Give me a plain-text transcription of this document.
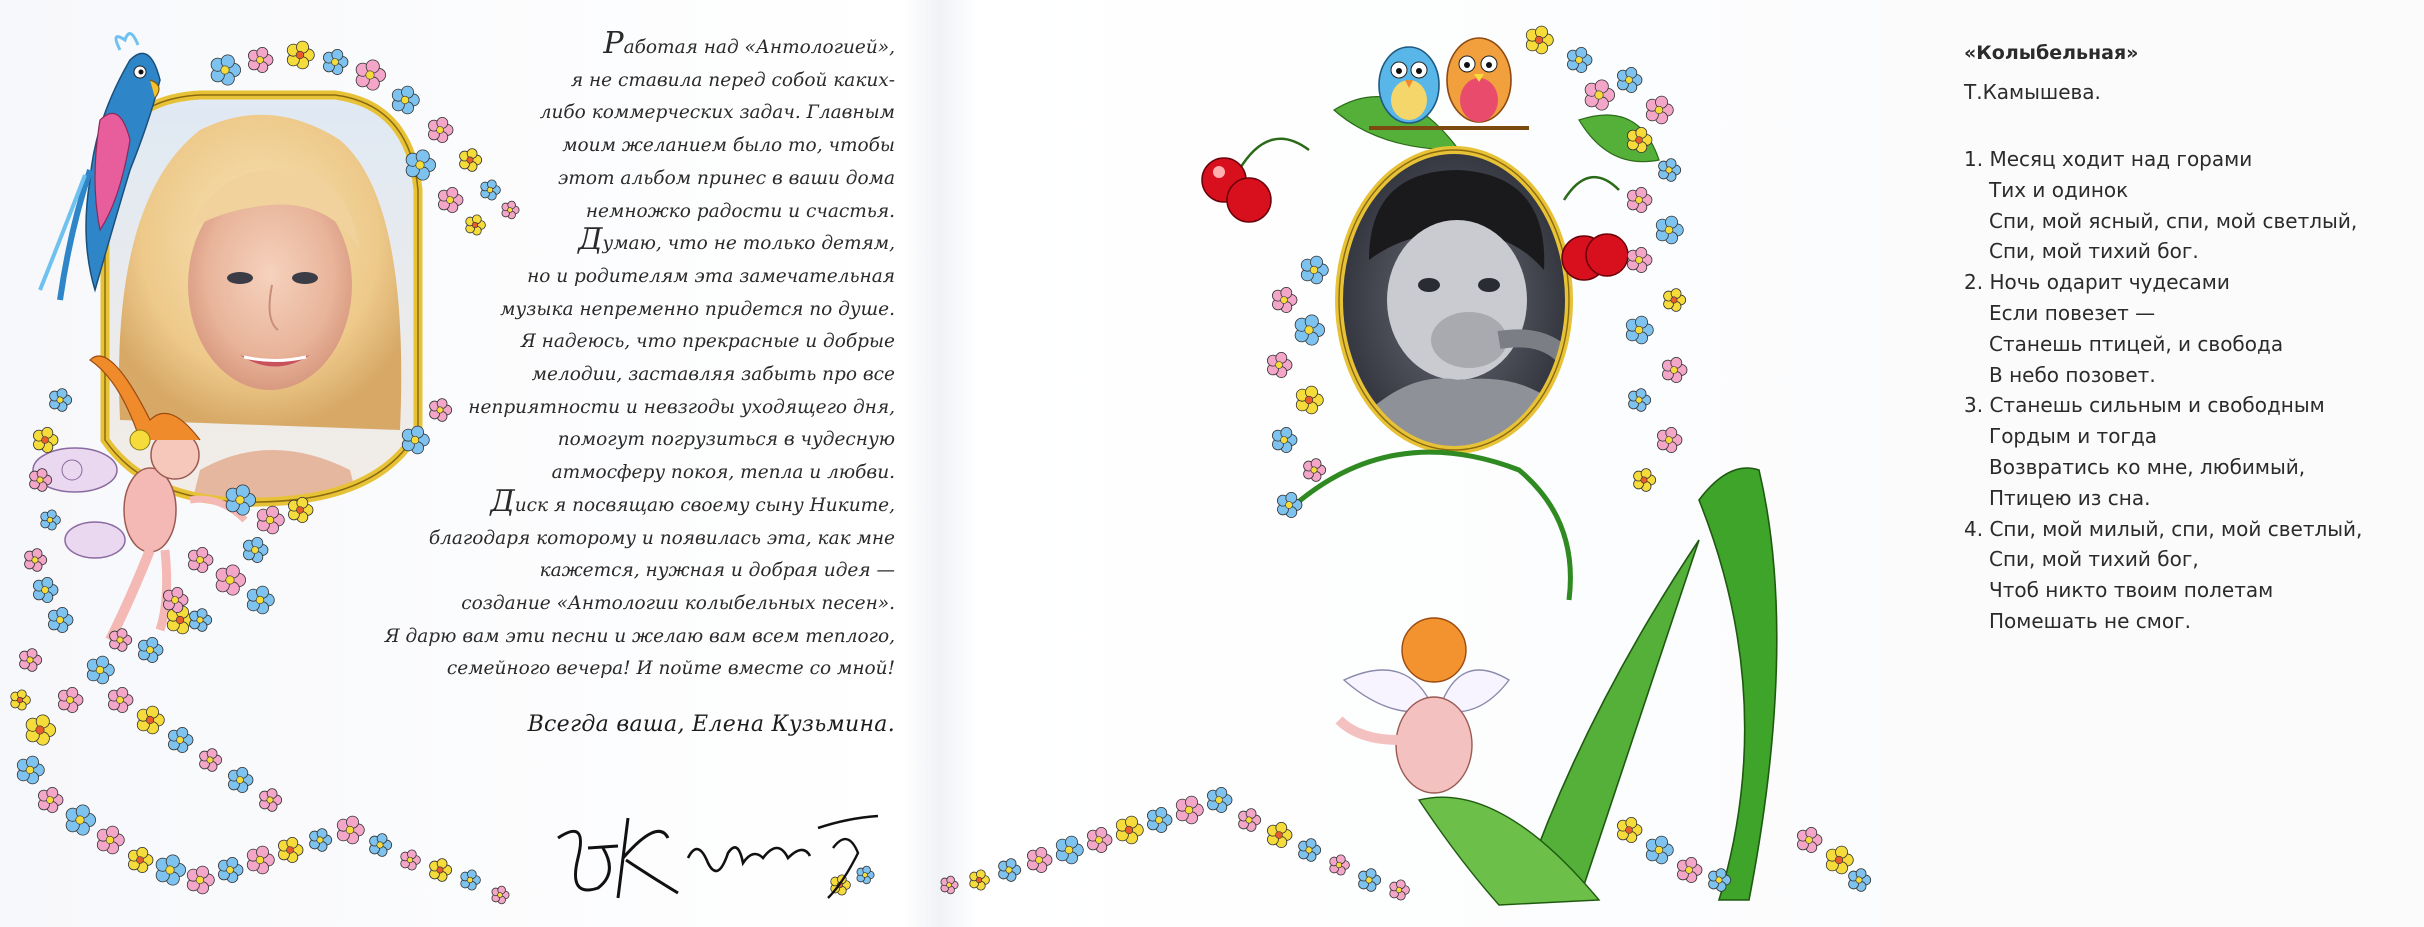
Работая над «Антологией»,
я не ставила перед собой каких-
либо коммерческих задач. Главным
моим желанием было то, чтобы
этот альбом принес в ваши дома
немножко радости и счастья.
Думаю, что не только детям,
но и родителям эта замечательная
музыка непременно придется по душе.
Я надеюсь, что прекрасные и добрые
мелодии, заставляя забыть про все
неприятности и невзгоды уходящего дня,
помогут погрузиться в чудесную
атмосферу покоя, тепла и любви.
Диск я посвящаю своему сыну Никите,
благодаря которому и появилась эта, как мне
кажется, нужная и добрая идея —
создание «Антологии колыбельных песен».
Я дарю вам эти песни и желаю вам всем теплого,
семейного вечера! И пойте вместе со мной!
Всегда ваша, Елена Кузьмина.
«Колыбельная»
Т.Камышева.
1. Месяц ходит над горами
Тих и одинок
Спи, мой ясный, спи, мой светлый,
Спи, мой тихий бог.
2. Ночь одарит чудесами
Если повезет —
Станешь птицей, и свобода
В небо позовет.
3. Станешь сильным и свободным
Гордым и тогда
Возвратись ко мне, любимый,
Птицею из сна.
4. Спи, мой милый, спи, мой светлый,
Спи, мой тихий бог,
Чтоб никто твоим полетам
Помешать не смог.
